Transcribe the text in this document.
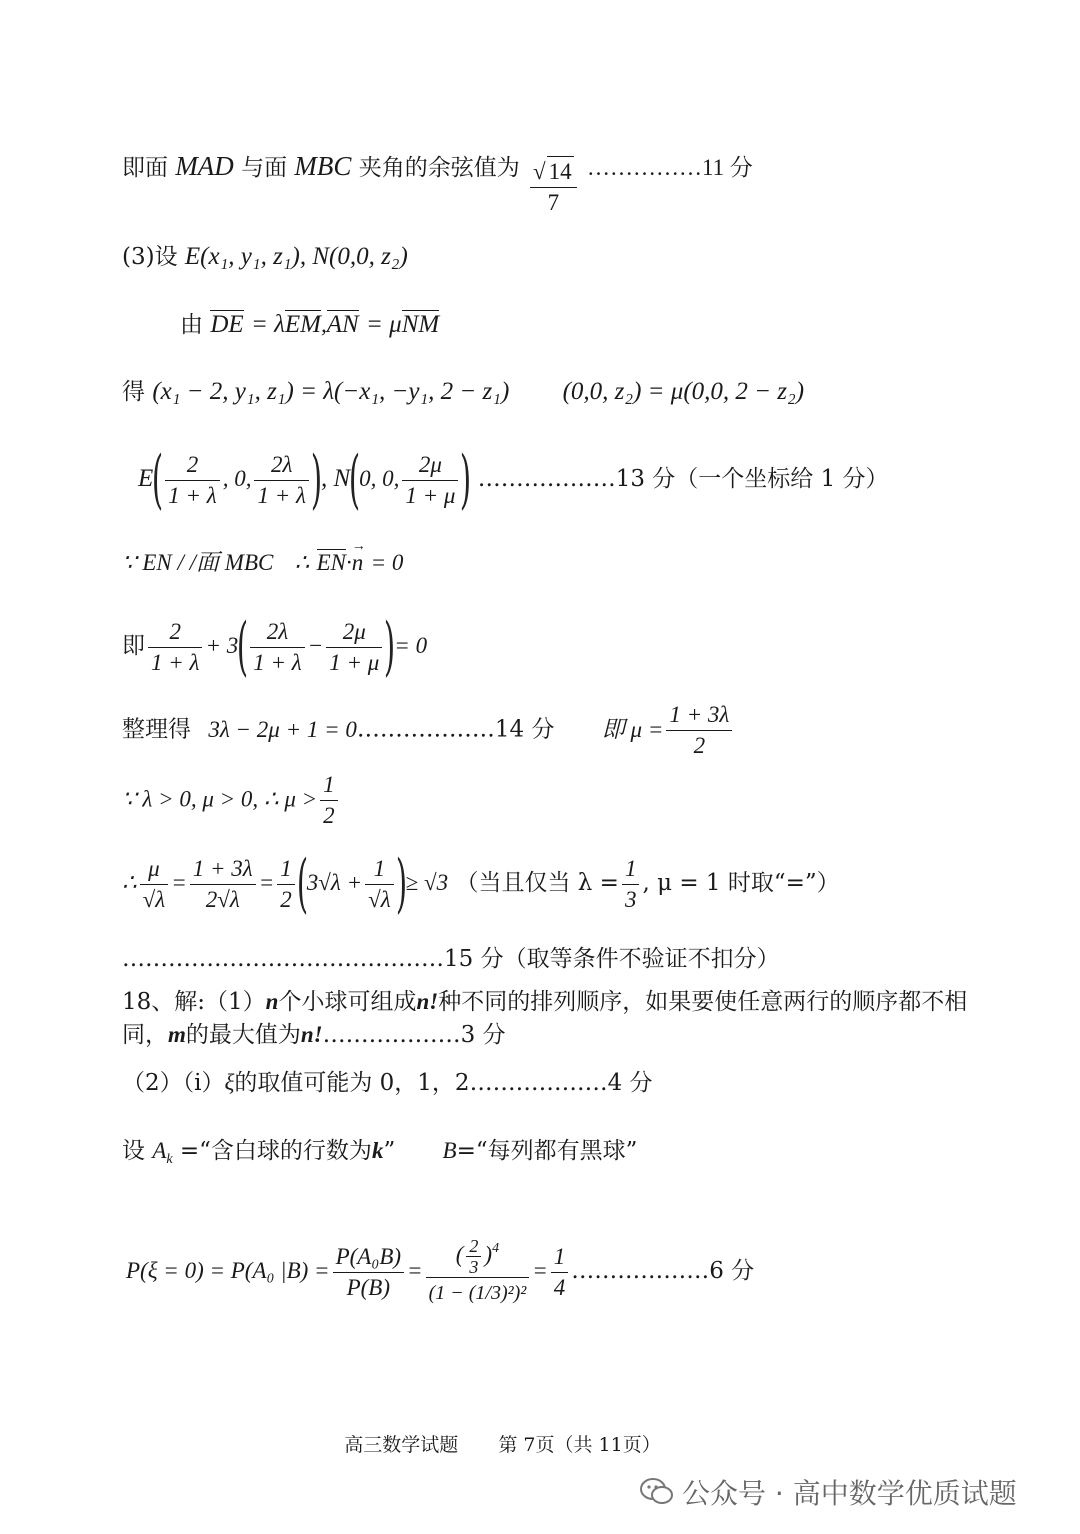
即面 MAD 与面 MBC 夹角的余弦值为 $\frac{√ 14}{7}$ ……………11 分
(3)设 E(x₁, y₁, z₁), N(0,0, z₂)
由 DE = λEM,AN = μNM
得 (x₁ − 2, y₁, z₁) = λ(−x₁, −y₁, 2 − z₁) (0,0, z₂) = μ(0,0, 2 − z₂)
$E( \frac{2}{1 + \lambda}$ , 0, $\frac{2\lambda}{1 + \lambda}$ ), N(0, 0, $\frac{2\mu}{1 + \mu}$ ) ………………13 分（一个坐标给 1 分）
∵ EN / /面 MBC ∴ EN·→ n = 0
即 $\frac{2}{1 + \lambda} + 3( \frac{2\lambda}{1 + \lambda} - \frac{2\mu}{1 + \mu}$ )= 0
整理得 3λ − 2μ + 1 = 0………………14 分 即 $\mu = \frac{1 + 3\lambda}{2}$
∵ λ > 0, μ > 0, ∴ $\mu > \frac{1}{2}$
∴ $\frac{\mu}{√\lambda} = \frac{1 + 3\lambda}{2√\lambda} = \frac{1}{2} (3√\lambda + \frac{1}{√\lambda}$ )≥ √3 （当且仅当 $\lambda = \frac{1}{3}$ , μ = 1 时取“=”）
……………………………………15 分（取等条件不验证不扣分）
18、解:（1）n个小球可组成n!种不同的排列顺序，如果要使任意两行的顺序都不相
同，m的最大值为n!………………3 分
（2）（i）ξ的取值可能为 0，1，2………………4 分
设 $A_k$ =“含白球的行数为k” B=“每列都有黑球”
P(ξ = 0) = P(A₀ $|B) = \frac{\text{P(A₀B)}}{P(B)} = \frac{( \frac{2}{3} )^4}{\text{(1 − (1/3)²)²}} = \frac{1}{4}$ ………………6 分
高三数学试题 第 7页（共 11页）
公众号 · 高中数学优质试题
